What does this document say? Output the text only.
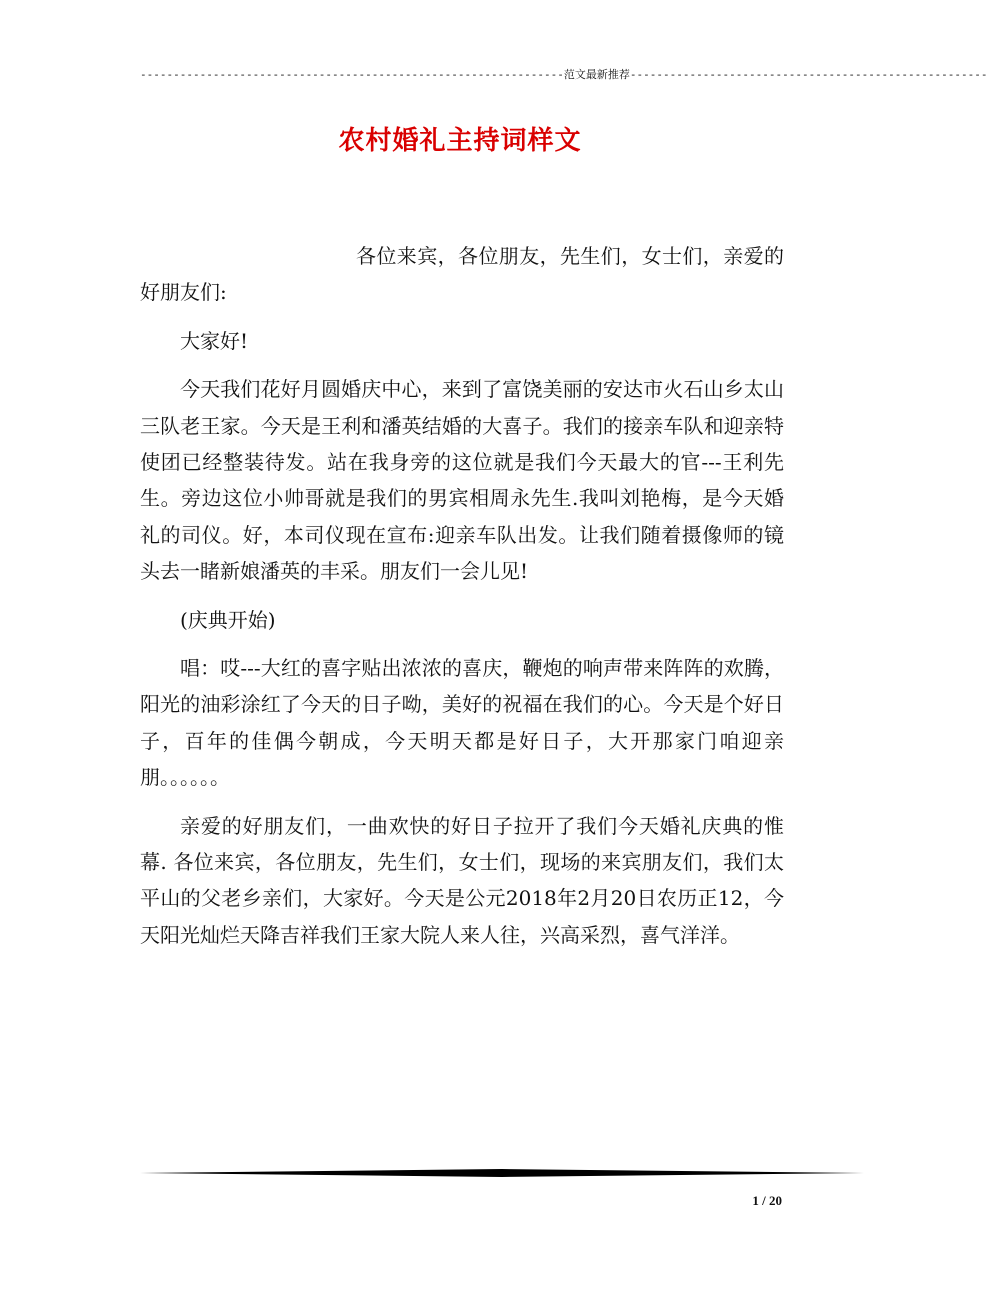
----------------------------------------------------------------范文最新推荐------------------------------------------------------
农村婚礼主持词样文

各位来宾，各位朋友，先生们，女士们，亲爱的好朋友们:

大家好!

今天我们花好月圆婚庆中心，来到了富饶美丽的安达市火石山乡太山三队老王家。今天是王利和潘英结婚的大喜子。我们的接亲车队和迎亲特使团已经整装待发。站在我身旁的这位就是我们今天最大的官---王利先生。旁边这位小帅哥就是我们的男宾相周永先生.我叫刘艳梅，是今天婚礼的司仪。好，本司仪现在宣布:迎亲车队出发。让我们随着摄像师的镜头去一睹新娘潘英的丰采。朋友们一会儿见!

(庆典开始)

唱：哎---大红的喜字贴出浓浓的喜庆，鞭炮的响声带来阵阵的欢腾，阳光的油彩涂红了今天的日子呦，美好的祝福在我们的心。今天是个好日子，百年的佳偶今朝成，今天明天都是好日子，大开那家门咱迎亲朋。。。。。。

亲爱的好朋友们，一曲欢快的好日子拉开了我们今天婚礼庆典的惟幕. 各位来宾，各位朋友，先生们，女士们，现场的来宾朋友们，我们太平山的父老乡亲们，大家好。今天是公元2018年2月20日农历正12，今天阳光灿烂天降吉祥我们王家大院人来人往，兴高采烈，喜气洋洋。

1 / 20
